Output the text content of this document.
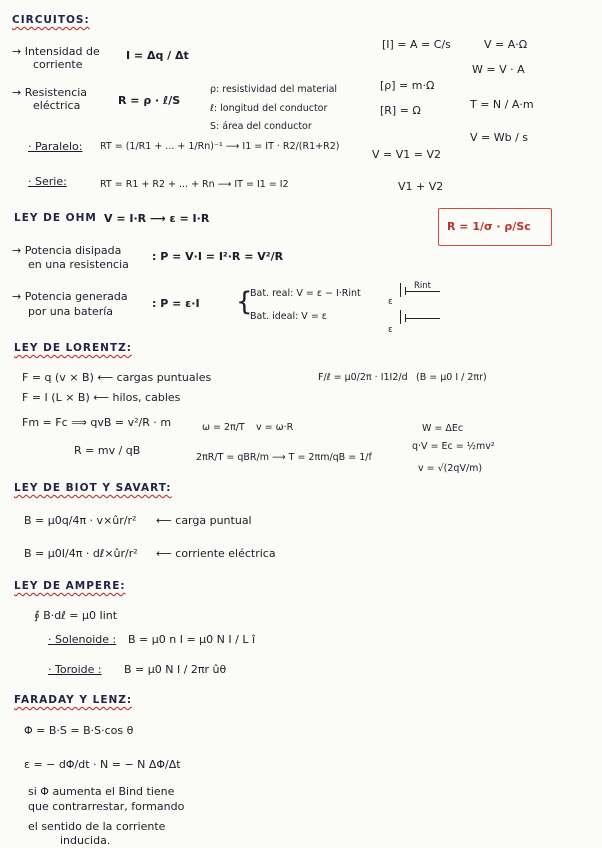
CIRCUITOS:
→ Intensidad de
corriente
I = Δq / Δt
[I] = A = C/s	V = A·Ω
W = V · A
→ Resistencia
eléctrica	R = ρ · ℓ/S
ρ: resistividad del material
ℓ: longitud del conductor
S: área del conductor
[ρ] = m·Ω
[R] = Ω	T = N / A·m
V = Wb / s
· Paralelo: RT = (1/R1 + ... + 1/Rn)⁻¹ ⟶ I1 = IT · R2/(R1+R2)
V = V1 = V2
· Serie:	RT = R1 + R2 + ... + Rn ⟶ IT = I1 = I2	V1 + V2
LEY DE OHM V = I·R ⟶ ε = I·R
R = 1/σ · ρ/Sc
→ Potencia disipada
en una resistencia
: P = V·I = I²·R = V²/R
→ Potencia generada
por una batería
: P = ε·I {
Bat. real: V = ε − I·Rint
Bat. ideal: V = ε
Rint
ε
ε
LEY DE LORENTZ:
F = q (v × B) ⟵ cargas puntuales
F = I (L × B) ⟵ hilos, cables
Fm = Fc ⟹ qvB = v²/R · m
R = mv / qB
F/ℓ = μ0/2π · I1I2/d (B = μ0 I / 2πr)
ω = 2π/T v = ω·R
2πR/T = qBR/m ⟶ T = 2πm/qB = 1/f
W = ΔEc
q·V = Ec = ½mv²
v = √(2qV/m)
LEY DE BIOT Y SAVART:
B = μ0q/4π · v×ûr/r² ⟵ carga puntual
B = μ0I/4π · dℓ×ûr/r² ⟵ corriente eléctrica
LEY DE AMPERE:
∮ B·dℓ = μ0 Iint
· Solenoide : B = μ0 n I = μ0 N I / L î
· Toroide : B = μ0 N I / 2πr ûθ
FARADAY Y LENZ:
Φ = B·S = B·S·cos θ
ε = − dΦ/dt · N = − N ΔΦ/Δt
si Φ aumenta el Bind tiene
que contrarrestar, formando
el sentido de la corriente
inducida.
